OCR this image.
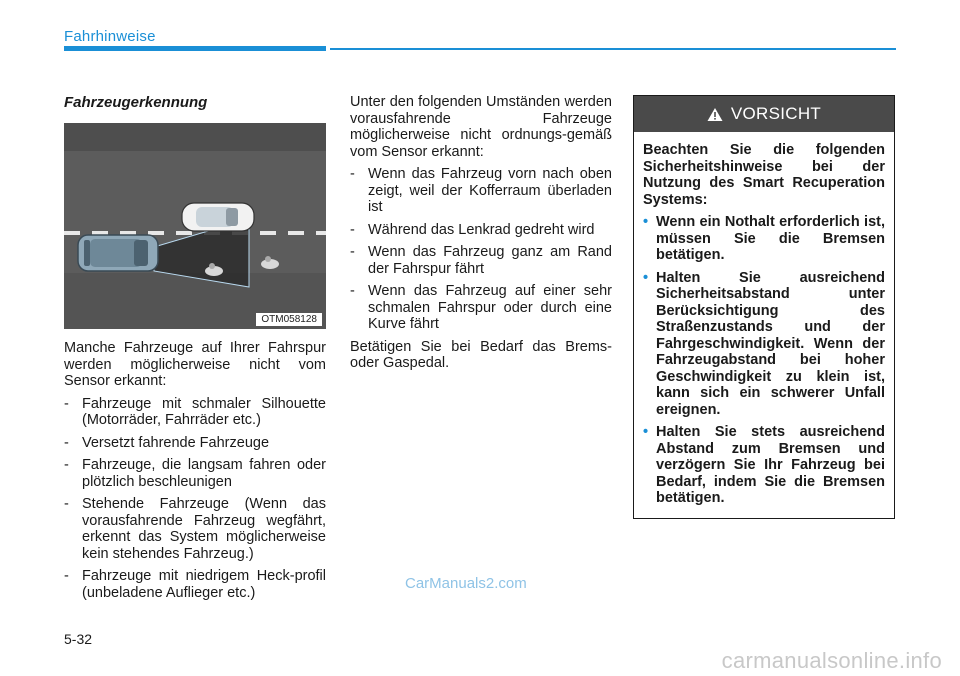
Fahrhinweise
Fahrzeugerkennung
OTM058128

Manche Fahrzeuge auf Ihrer Fahrspur werden möglicherweise nicht vom Sensor erkannt:

- Fahrzeuge mit schmaler Silhouette (Motorräder, Fahrräder etc.)
- Versetzt fahrende Fahrzeuge
- Fahrzeuge, die langsam fahren oder plötzlich beschleunigen
- Stehende Fahrzeuge (Wenn das vorausfahrende Fahrzeug wegfährt, erkennt das System möglicherweise kein stehendes Fahrzeug.)
- Fahrzeuge mit niedrigem Heck-profil (unbeladene Auflieger etc.)

Unter den folgenden Umständen werden vorausfahrende Fahrzeuge möglicherweise nicht ordnungs-gemäß vom Sensor erkannt:

- Wenn das Fahrzeug vorn nach oben zeigt, weil der Kofferraum überladen ist
- Während das Lenkrad gedreht wird
- Wenn das Fahrzeug ganz am Rand der Fahrspur fährt
- Wenn das Fahrzeug auf einer sehr schmalen Fahrspur oder durch eine Kurve fährt

Betätigen Sie bei Bedarf das Brems- oder Gaspedal.

VORSICHT

Beachten Sie die folgenden Sicherheitshinweise bei der Nutzung des Smart Recuperation Systems:

• Wenn ein Nothalt erforderlich ist, müssen Sie die Bremsen betätigen.
• Halten Sie ausreichend Sicherheitsabstand unter Berücksichtigung des Straßenzustands und der Fahrgeschwindigkeit. Wenn der Fahrzeugabstand bei hoher Geschwindigkeit zu klein ist, kann sich ein schwerer Unfall ereignen.
• Halten Sie stets ausreichend Abstand zum Bremsen und verzögern Sie Ihr Fahrzeug bei Bedarf, indem Sie die Bremsen betätigen.
CarManuals2.com
5-32
carmanualsonline.info
